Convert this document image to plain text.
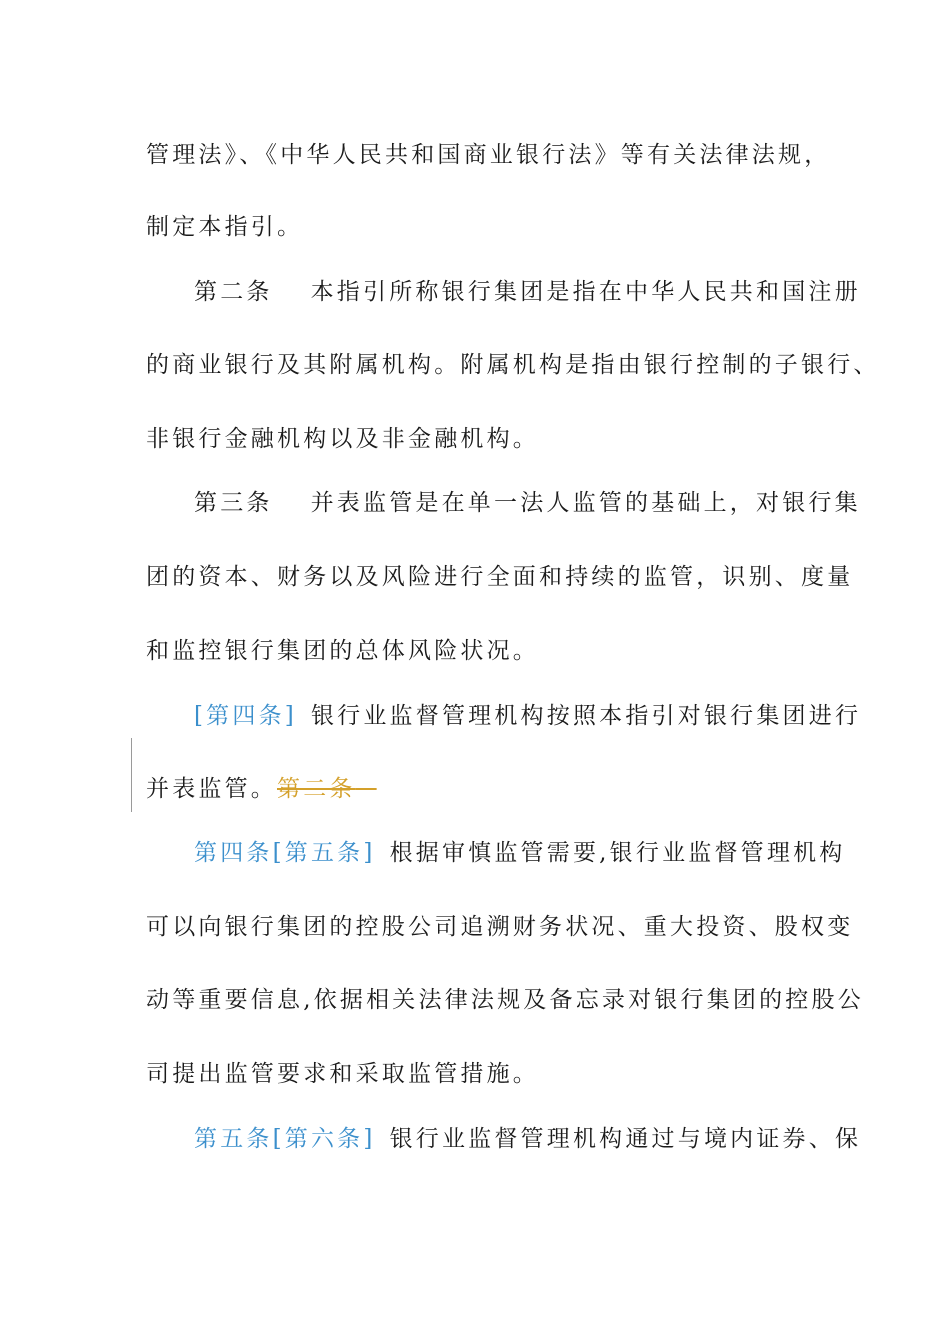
管理法》、《中华人民共和国商业银行法》等有关法律法规，
制定本指引。
第二条 本指引所称银行集团是指在中华人民共和国注册
的商业银行及其附属机构。附属机构是指由银行控制的子银行、
非银行金融机构以及非金融机构。
第三条 并表监管是在单一法人监管的基础上，对银行集
团的资本、财务以及风险进行全面和持续的监管，识别、度量
和监控银行集团的总体风险状况。
[第四条] 银行业监督管理机构按照本指引对银行集团进行
并表监管。第二条
第四条[第五条] 根据审慎监管需要,银行业监督管理机构
可以向银行集团的控股公司追溯财务状况、重大投资、股权变
动等重要信息,依据相关法律法规及备忘录对银行集团的控股公
司提出监管要求和采取监管措施。
第五条[第六条] 银行业监督管理机构通过与境内证券、保
